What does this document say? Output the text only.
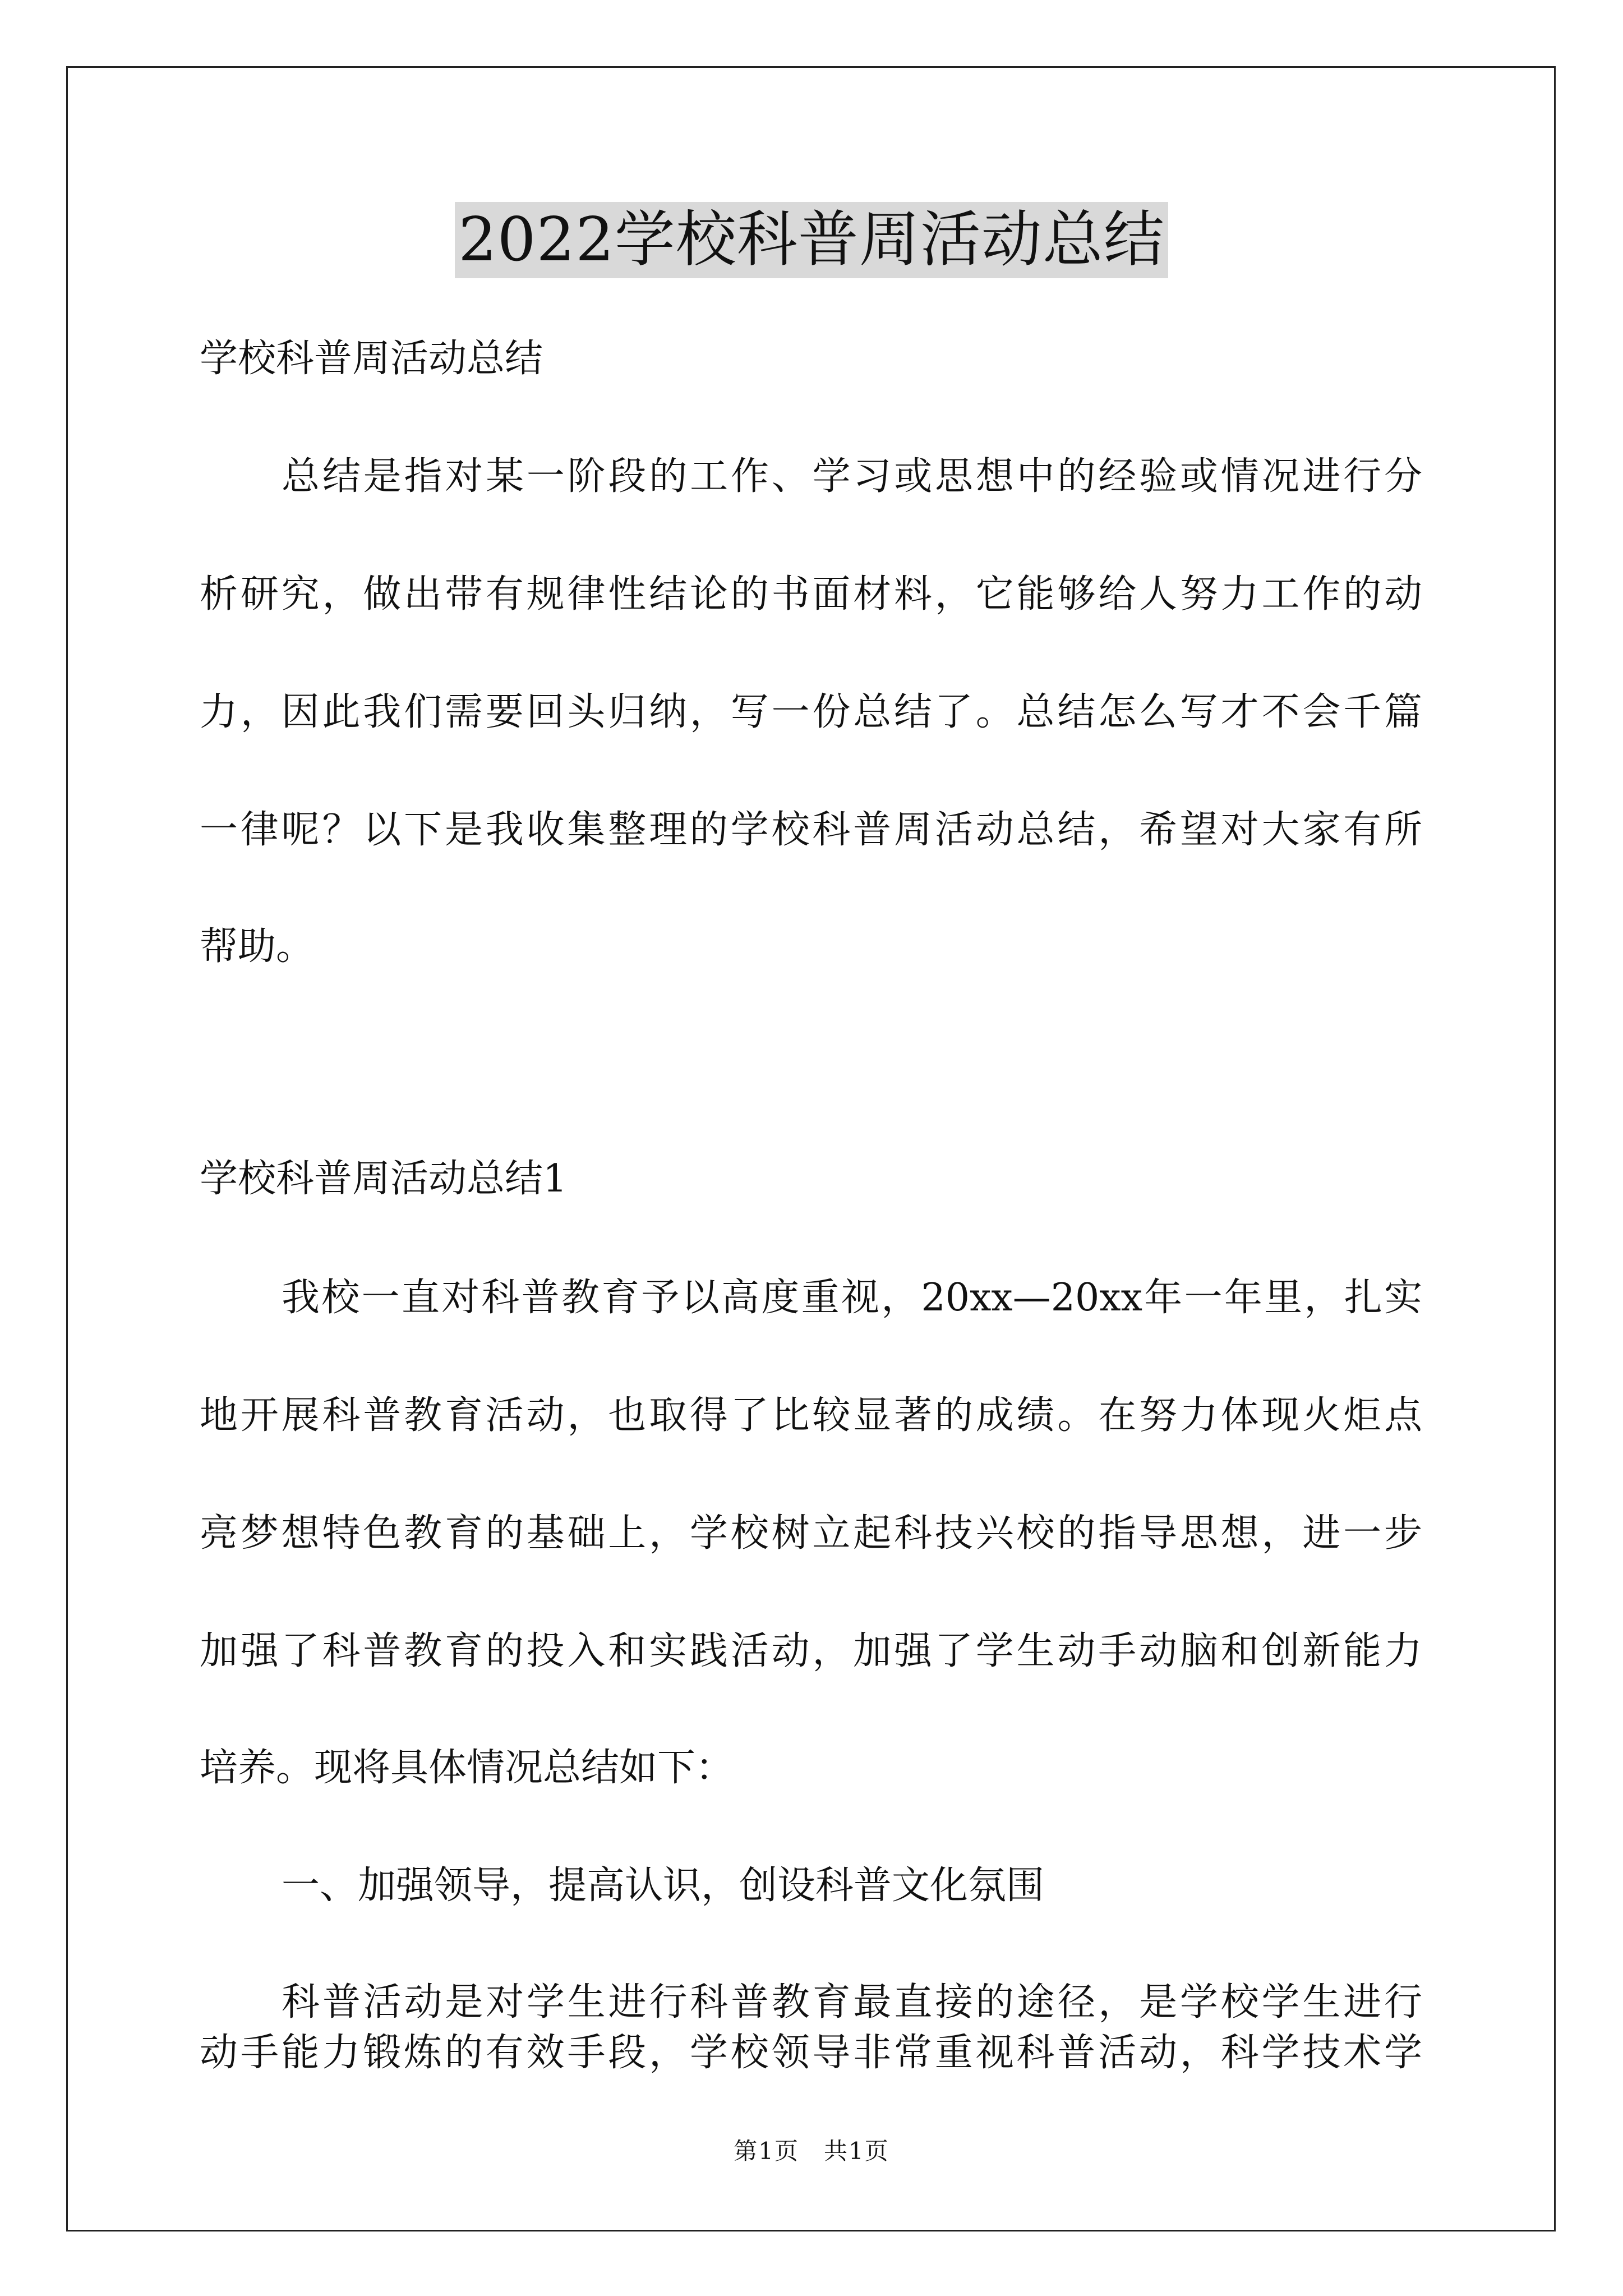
2022学校科普周活动总结
学校科普周活动总结
总结是指对某一阶段的工作、学习或思想中的经验或情况进行分
析研究，做出带有规律性结论的书面材料，它能够给人努力工作的动
力，因此我们需要回头归纳，写一份总结了。总结怎么写才不会千篇
一律呢？以下是我收集整理的学校科普周活动总结，希望对大家有所
帮助。
学校科普周活动总结1
我校一直对科普教育予以高度重视，20xx—20xx年一年里，扎实
地开展科普教育活动，也取得了比较显著的成绩。在努力体现火炬点
亮梦想特色教育的基础上，学校树立起科技兴校的指导思想，进一步
加强了科普教育的投入和实践活动，加强了学生动手动脑和创新能力
培养。现将具体情况总结如下：
一、加强领导，提高认识，创设科普文化氛围
科普活动是对学生进行科普教育最直接的途径，是学校学生进行
动手能力锻炼的有效手段，学校领导非常重视科普活动，科学技术学
第1页　共1页
